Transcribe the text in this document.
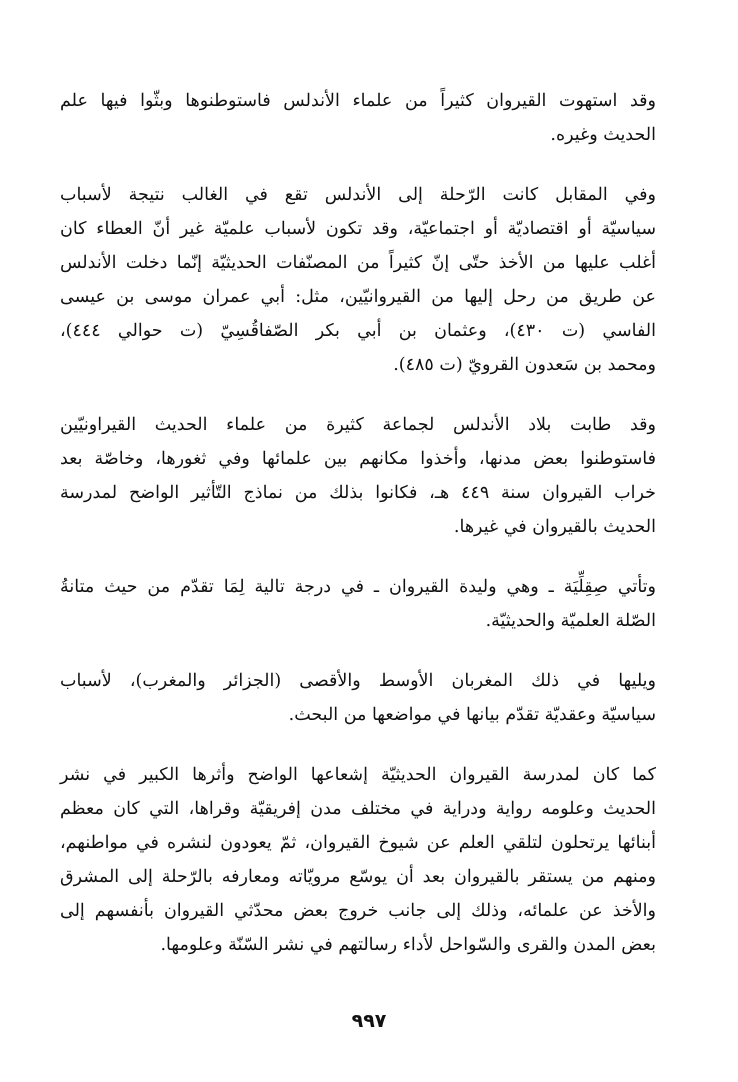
وقد استهوت القيروان كثيراً من علماء الأندلس فاستوطنوها وبثّوا فيها علم
الحديث وغيره.

وفي المقابل كانت الرّحلة إلى الأندلس تقع في الغالب نتيجة لأسباب
سياسيّة أو اقتصاديّة أو اجتماعيّة، وقد تكون لأسباب علميّة غير أنّ العطاء كان
أغلب عليها من الأخذ حتّى إنّ كثيراً من المصنّفات الحديثيّة إنّما دخلت الأندلس
عن طريق من رحل إليها من القيروانيّين، مثل: أبي عمران موسى بن عيسى
الفاسي (ت ٤٣٠)، وعثمان بن أبي بكر الصّفاقُسِيّ (ت حوالي ٤٤٤)،
ومحمد بن سَعدون القرويّ (ت ٤٨٥).

وقد طابت بلاد الأندلس لجماعة كثيرة من علماء الحديث القيراونيّين
فاستوطنوا بعض مدنها، وأخذوا مكانهم بين علمائها وفي ثغورها، وخاصّة بعد
خراب القيروان سنة ٤٤٩ هـ، فكانوا بذلك من نماذج التّأثير الواضح لمدرسة
الحديث بالقيروان في غيرها.

وتأتي صِقِلِّيَة ـ وهي وليدة القيروان ـ في درجة تالية لِمَا تقدّم من حيث متانةُ
الصّلة العلميّة والحديثيّة.

ويليها في ذلك المغربان الأوسط والأقصى (الجزائر والمغرب)، لأسباب
سياسيّة وعقديّة تقدّم بيانها في مواضعها من البحث.

كما كان لمدرسة القيروان الحديثيّة إشعاعها الواضح وأثرها الكبير في نشر
الحديث وعلومه رواية ودراية في مختلف مدن إفريقيّة وقراها، التي كان معظم
أبنائها يرتحلون لتلقي العلم عن شيوخ القيروان، ثمّ يعودون لنشره في مواطنهم،
ومنهم من يستقر بالقيروان بعد أن يوسّع مرويّاته ومعارفه بالرّحلة إلى المشرق
والأخذ عن علمائه، وذلك إلى جانب خروج بعض محدّثي القيروان بأنفسهم إلى
بعض المدن والقرى والسّواحل لأداء رسالتهم في نشر السّنّة وعلومها.

٩٩٧
